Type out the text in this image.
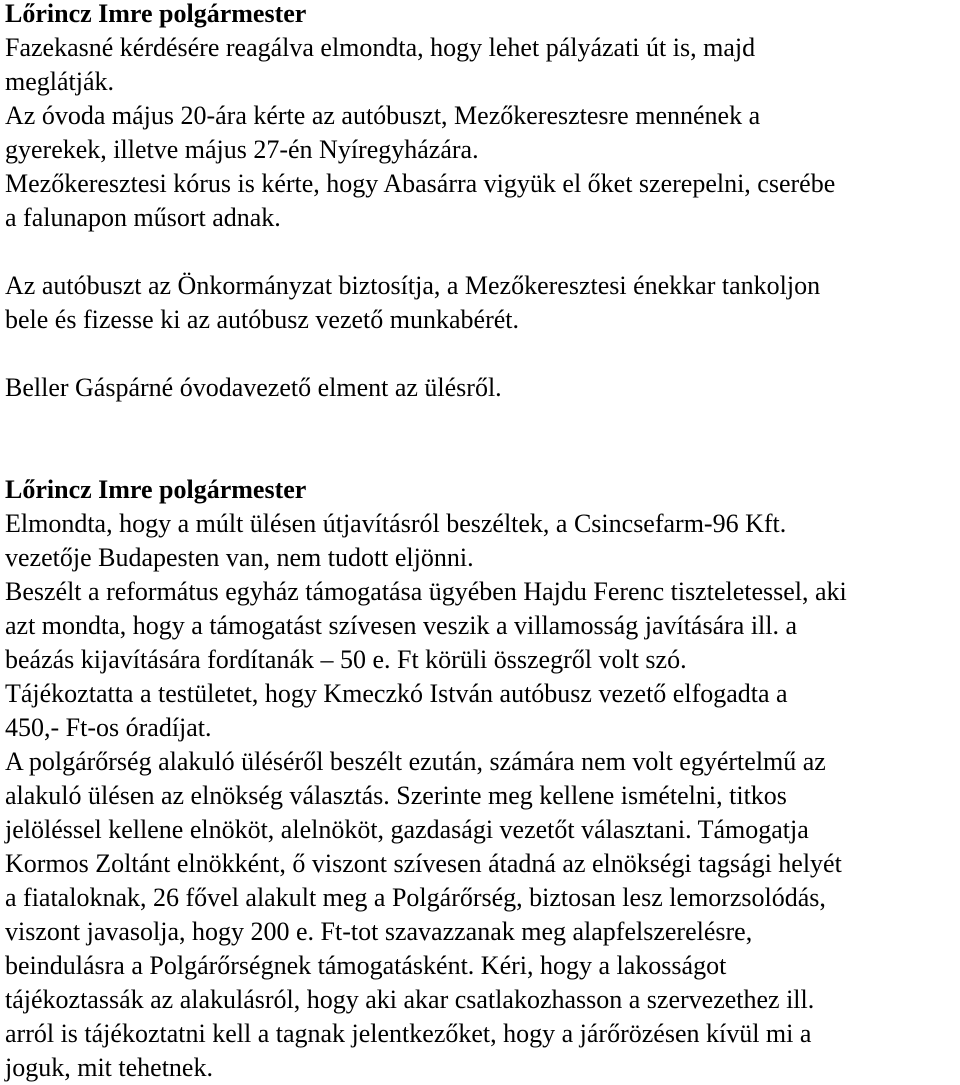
Lőrincz Imre polgármester

Fazekasné kérdésére reagálva elmondta, hogy lehet pályázati út is, majd

meglátják.

Az óvoda május 20-ára kérte az autóbuszt, Mezőkeresztesre mennének a

gyerekek, illetve május 27-én Nyíregyházára.

Mezőkeresztesi kórus is kérte, hogy Abasárra vigyük el őket szerepelni, cserébe

a falunapon műsort adnak.

Az autóbuszt az Önkormányzat biztosítja, a Mezőkeresztesi énekkar tankoljon

bele és fizesse ki az autóbusz vezető munkabérét.

Beller Gáspárné óvodavezető elment az ülésről.

Lőrincz Imre polgármester

Elmondta, hogy a múlt ülésen útjavításról beszéltek, a Csincsefarm-96 Kft.

vezetője Budapesten van, nem tudott eljönni.

Beszélt a református egyház támogatása ügyében Hajdu Ferenc tiszteletessel, aki

azt mondta, hogy a támogatást szívesen veszik a villamosság javítására ill. a

beázás kijavítására fordítanák – 50 e. Ft körüli összegről volt szó.

Tájékoztatta a testületet, hogy Kmeczkó István autóbusz vezető elfogadta a

450,- Ft-os óradíjat.

A polgárőrség alakuló üléséről beszélt ezután, számára nem volt egyértelmű az

alakuló ülésen az elnökség választás. Szerinte meg kellene ismételni, titkos

jelöléssel kellene elnököt, alelnököt, gazdasági vezetőt választani. Támogatja

Kormos Zoltánt elnökként, ő viszont szívesen átadná az elnökségi tagsági helyét

a fiataloknak, 26 fővel alakult meg a Polgárőrség, biztosan lesz lemorzsolódás,

viszont javasolja, hogy 200 e. Ft-tot szavazzanak meg alapfelszerelésre,

beindulásra a Polgárőrségnek támogatásként. Kéri, hogy a lakosságot

tájékoztassák az alakulásról, hogy aki akar csatlakozhasson a szervezethez ill.

arról is tájékoztatni kell a tagnak jelentkezőket, hogy a járőrözésen kívül mi a

joguk, mit tehetnek.
